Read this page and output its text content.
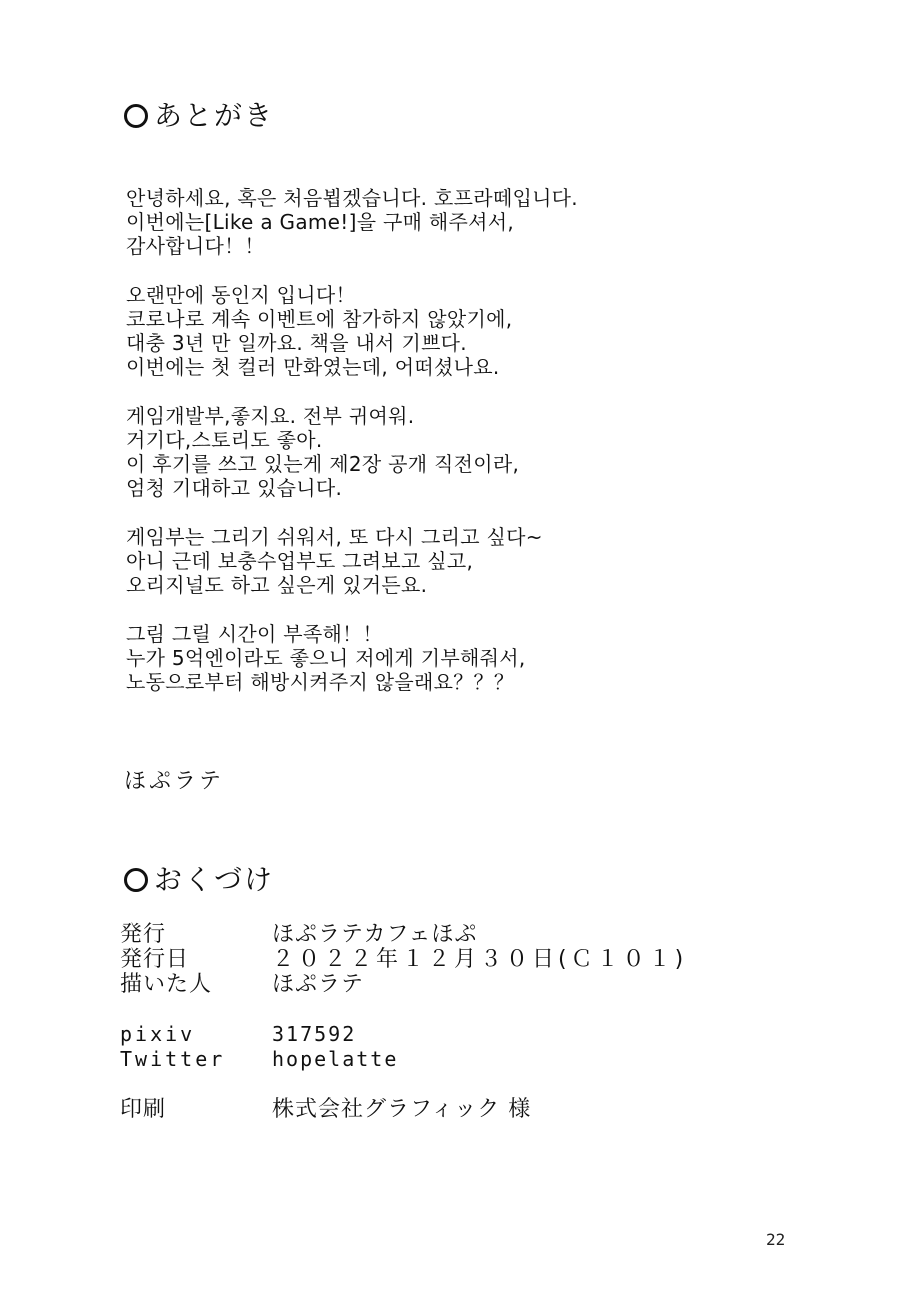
あとがき
안녕하세요, 혹은 처음뵙겠습니다. 호프라떼입니다.
이번에는[Like a Game!]을 구매 해주셔서,
감사합니다！！
오랜만에 동인지 입니다！
코로나로 계속 이벤트에 참가하지 않았기에,
대충 3년 만 일까요. 책을 내서 기쁘다.
이번에는 첫 컬러 만화였는데, 어떠셨나요.
게임개발부,좋지요. 전부 귀여워.
거기다,스토리도 좋아.
이 후기를 쓰고 있는게 제2장 공개 직전이라,
엄청 기대하고 있습니다.
게임부는 그리기 쉬워서, 또 다시 그리고 싶다~
아니 근데 보충수업부도 그려보고 싶고,
오리지널도 하고 싶은게 있거든요.
그림 그릴 시간이 부족해！！
누가 5억엔이라도 좋으니 저에게 기부해줘서,
노동으로부터 해방시켜주지 않을래요？？？
ほぷラテ
おくづけ
発行	ほぷラテカフェほぷ
発行日	２０２２年１２月３０日(Ｃ１０１)
描いた人	ほぷラテ
pixiv	317592
Twitter	hopelatte
印刷	株式会社グラフィック 様
22
